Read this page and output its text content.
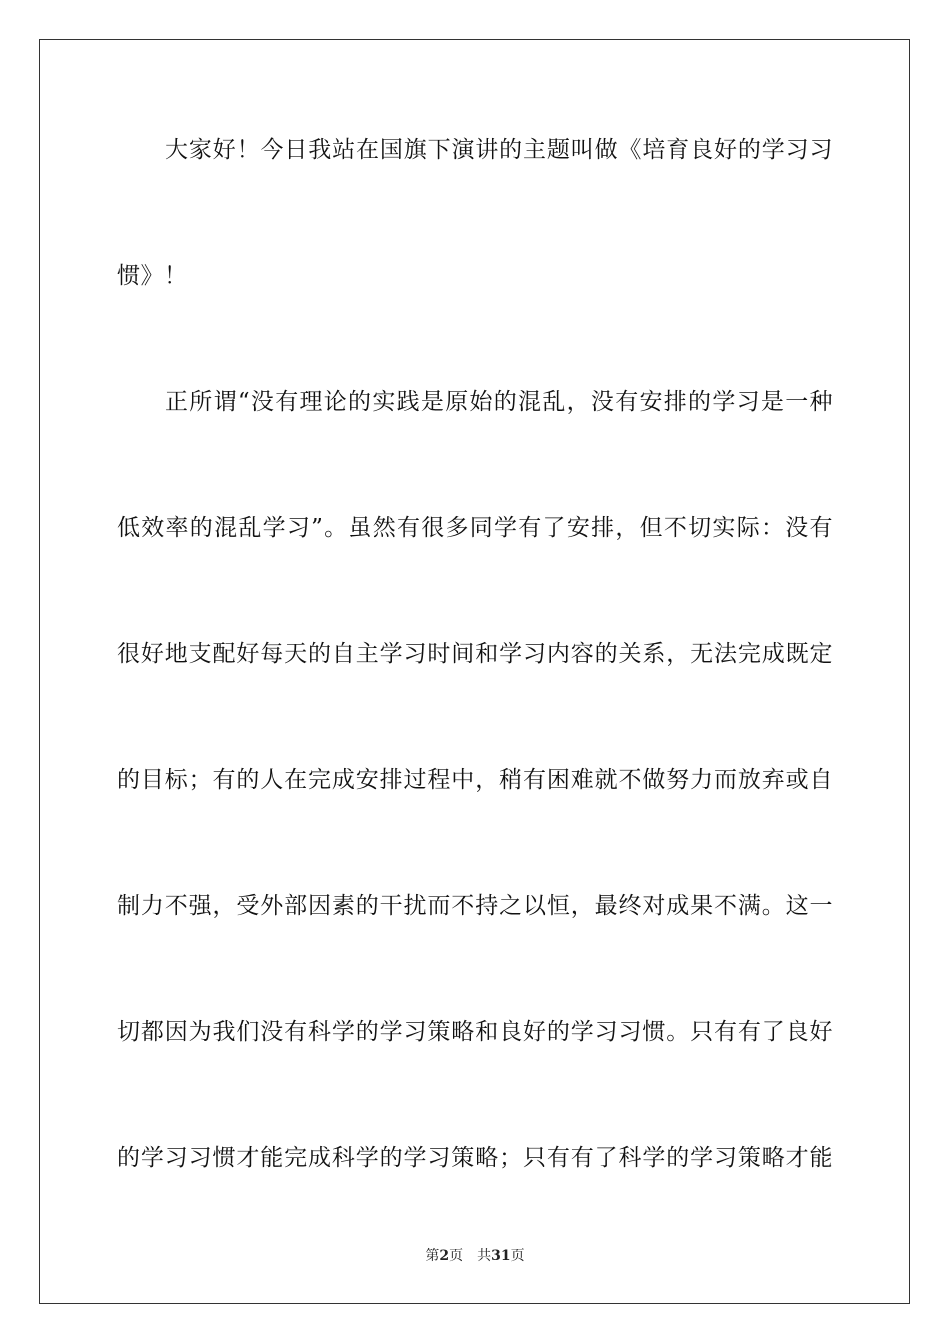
大家好！今日我站在国旗下演讲的主题叫做《培育良好的学习习
惯》！
正所谓“没有理论的实践是原始的混乱，没有安排的学习是一种
低效率的混乱学习”。虽然有很多同学有了安排，但不切实际：没有
很好地支配好每天的自主学习时间和学习内容的关系，无法完成既定
的目标；有的人在完成安排过程中，稍有困难就不做努力而放弃或自
制力不强，受外部因素的干扰而不持之以恒，最终对成果不满。这一
切都因为我们没有科学的学习策略和良好的学习习惯。只有有了良好
的学习习惯才能完成科学的学习策略；只有有了科学的学习策略才能
第2页 共31页
